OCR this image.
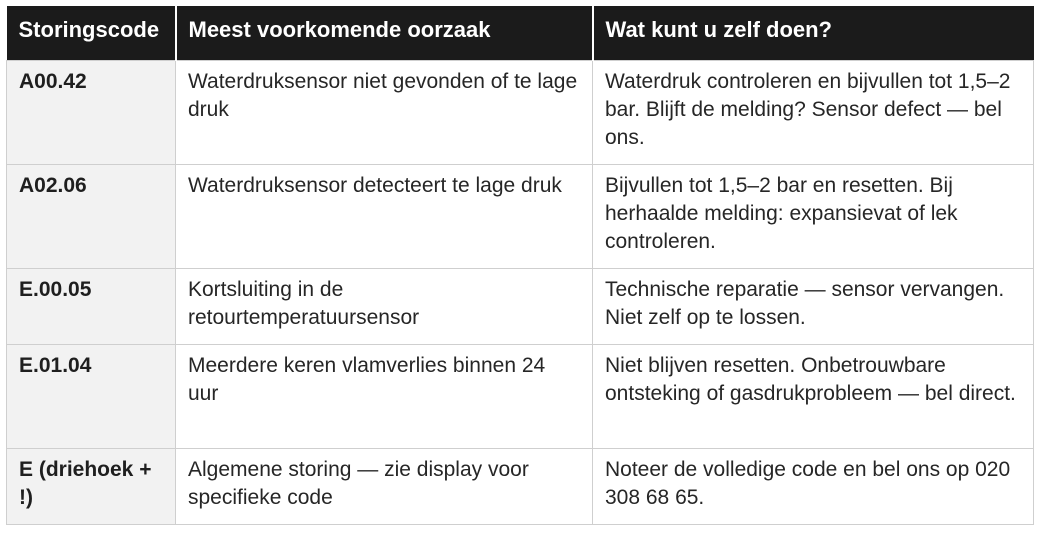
Storingscode	Meest voorkomende oorzaak	Wat kunt u zelf doen?
A00.42	Waterdruksensor niet gevonden of te lage druk	Waterdruk controleren en bijvullen tot 1,5–2 bar. Blijft de melding? Sensor defect — bel ons.
A02.06	Waterdruksensor detecteert te lage druk	Bijvullen tot 1,5–2 bar en resetten. Bij herhaalde melding: expansievat of lek controleren.
E.00.05	Kortsluiting in de retourtemperatuursensor	Technische reparatie — sensor vervangen. Niet zelf op te lossen.
E.01.04	Meerdere keren vlamverlies binnen 24 uur	Niet blijven resetten. Onbetrouwbare ontsteking of gasdrukprobleem — bel direct.
E (driehoek + !)	Algemene storing — zie display voor specifieke code	Noteer de volledige code en bel ons op 020 308 68 65.
